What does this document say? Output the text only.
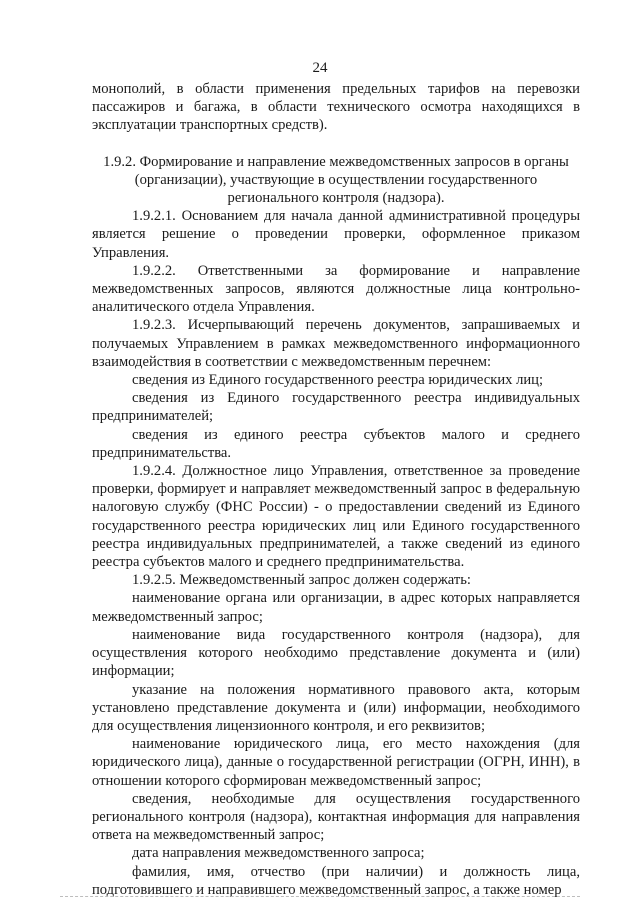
24

монополий, в области применения предельных тарифов на перевозки пассажиров и багажа, в области технического осмотра находящихся в эксплуатации транспортных средств).

1.9.2. Формирование и направление межведомственных запросов в органы (организации), участвующие в осуществлении государственного регионального контроля (надзора).

1.9.2.1. Основанием для начала данной административной процедуры является решение о проведении проверки, оформленное приказом Управления.

1.9.2.2. Ответственными за формирование и направление межведомственных запросов, являются должностные лица контрольно-аналитического отдела Управления.

1.9.2.3. Исчерпывающий перечень документов, запрашиваемых и получаемых Управлением в рамках межведомственного информационного взаимодействия в соответствии с межведомственным перечнем:

сведения из Единого государственного реестра юридических лиц;

сведения из Единого государственного реестра индивидуальных предпринимателей;

сведения из единого реестра субъектов малого и среднего предпринимательства.

1.9.2.4. Должностное лицо Управления, ответственное за проведение проверки, формирует и направляет межведомственный запрос в федеральную налоговую службу (ФНС России) - о предоставлении сведений из Единого государственного реестра юридических лиц или Единого государственного реестра индивидуальных предпринимателей, а также сведений из единого реестра субъектов малого и среднего предпринимательства.

1.9.2.5. Межведомственный запрос должен содержать:

наименование органа или организации, в адрес которых направляется межведомственный запрос;

наименование вида государственного контроля (надзора), для осуществления которого необходимо представление документа и (или) информации;

указание на положения нормативного правового акта, которым установлено представление документа и (или) информации, необходимого для осуществления лицензионного контроля, и его реквизитов;

наименование юридического лица, его место нахождения (для юридического лица), данные о государственной регистрации (ОГРН, ИНН), в отношении которого сформирован межведомственный запрос;

сведения, необходимые для осуществления государственного регионального контроля (надзора), контактная информация для направления ответа на межведомственный запрос;

дата направления межведомственного запроса;

фамилия, имя, отчество (при наличии) и должность лица, подготовившего и направившего межведомственный запрос, а также номер
